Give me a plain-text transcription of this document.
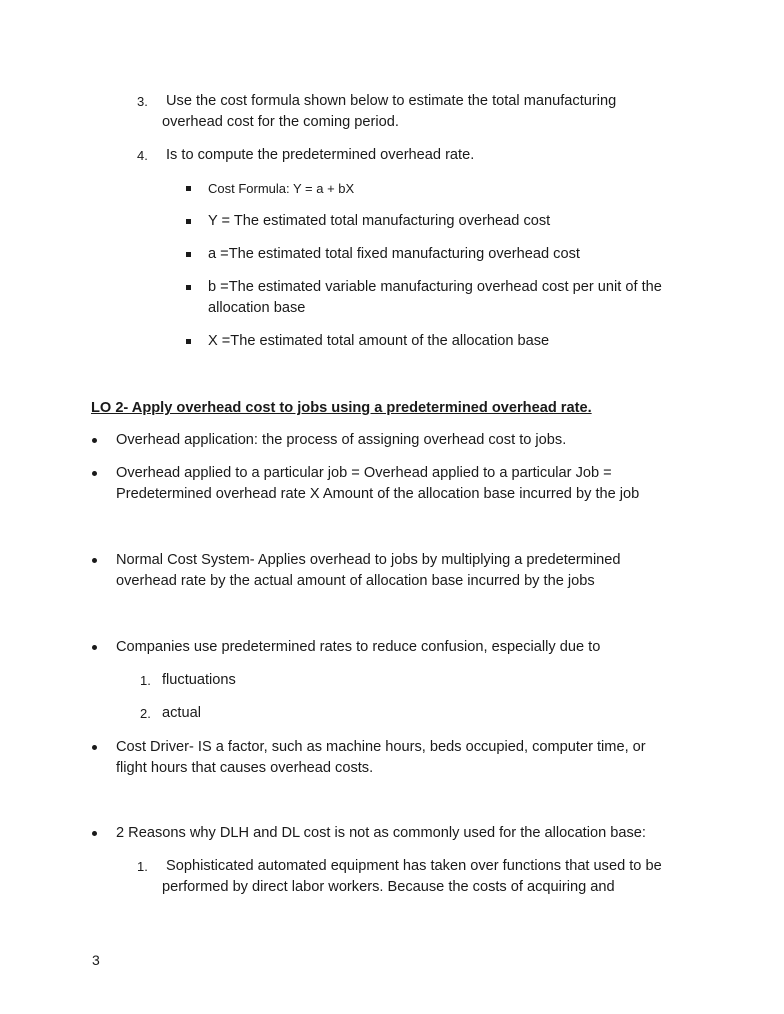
3. Use the cost formula shown below to estimate the total manufacturing
overhead cost for the coming period.
4. Is to compute the predetermined overhead rate.
Cost Formula: Y = a + bX
Y = The estimated total manufacturing overhead cost
a =The estimated total fixed manufacturing overhead cost
b =The estimated variable manufacturing overhead cost per unit of the
allocation base
X =The estimated total amount of the allocation base
LO 2- Apply overhead cost to jobs using a predetermined overhead rate.
Overhead application: the process of assigning overhead cost to jobs.
Overhead applied to a particular job = Overhead applied to a particular Job =
Predetermined overhead rate X Amount of the allocation base incurred by the job
Normal Cost System- Applies overhead to jobs by multiplying a predetermined
overhead rate by the actual amount of allocation base incurred by the jobs
Companies use predetermined rates to reduce confusion, especially due to
1. fluctuations
2. actual
Cost Driver- IS a factor, such as machine hours, beds occupied, computer time, or
flight hours that causes overhead costs.
2 Reasons why DLH and DL cost is not as commonly used for the allocation base:
1. Sophisticated automated equipment has taken over functions that used to be
performed by direct labor workers. Because the costs of acquiring and
3
